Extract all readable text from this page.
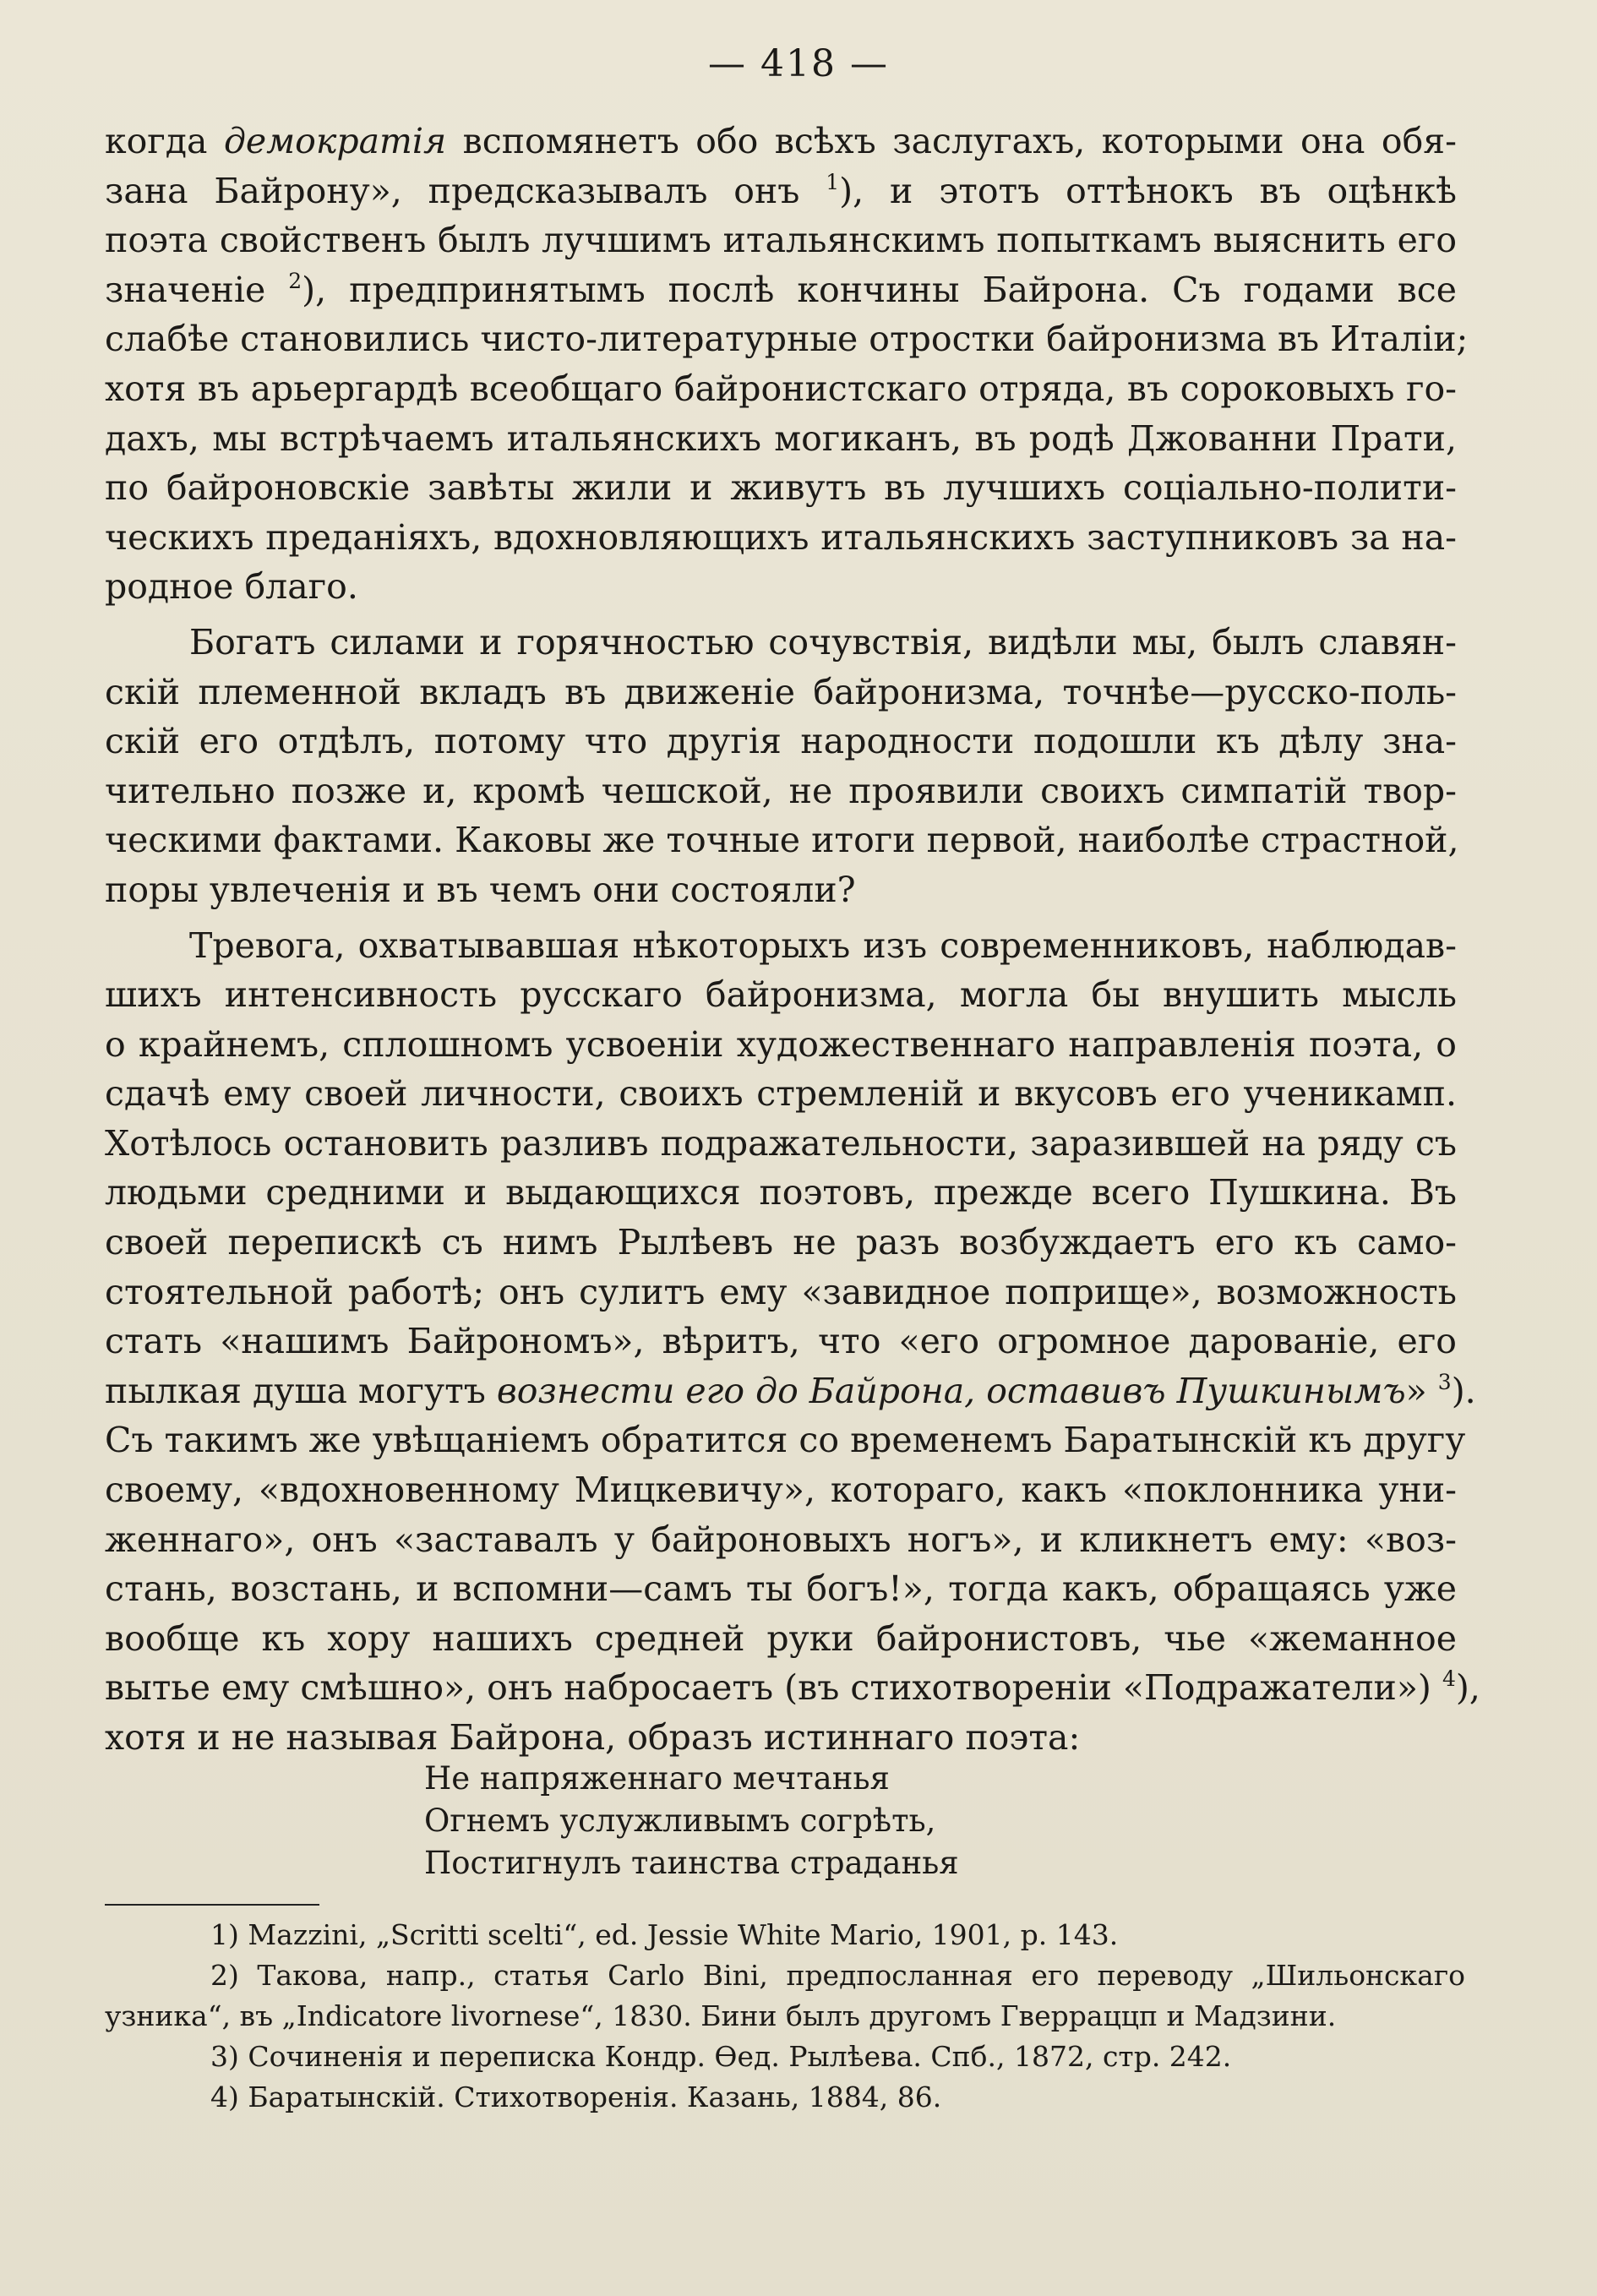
— 418 —
когда демократія вспомянетъ обо всѣхъ заслугахъ, которыми она обя-
зана Байрону», предсказывалъ онъ $^1$), и этотъ оттѣнокъ въ оцѣнкѣ
поэта свойственъ былъ лучшимъ итальянскимъ попыткамъ выяснить его
значеніе $^2$), предпринятымъ послѣ кончины Байрона. Съ годами все
слабѣе становились чисто-литературные отростки байронизма въ Италіи;
хотя въ арьергардѣ всеобщаго байронистскаго отряда, въ сороковыхъ го-
дахъ, мы встрѣчаемъ итальянскихъ могиканъ, въ родѣ Джованни Прати,
по байроновскіе завѣты жили и живутъ въ лучшихъ соціально-полити-
ческихъ преданіяхъ, вдохновляющихъ итальянскихъ заступниковъ за на-
родное благо.
Богатъ силами и горячностью сочувствія, видѣли мы, былъ славян-
скій племенной вкладъ въ движеніе байронизма, точнѣе—русско-поль-
скій его отдѣлъ, потому что другія народности подошли къ дѣлу зна-
чительно позже и, кромѣ чешской, не проявили своихъ симпатій твор-
ческими фактами. Каковы же точные итоги первой, наиболѣе страстной,
поры увлеченія и въ чемъ они состояли?
Тревога, охватывавшая нѣкоторыхъ изъ современниковъ, наблюдав-
шихъ интенсивность русскаго байронизма, могла бы внушить мысль
о крайнемъ, сплошномъ усвоеніи художественнаго направленія поэта, о
сдачѣ ему своей личности, своихъ стремленій и вкусовъ его ученикамп.
Хотѣлось остановить разливъ подражательности, заразившей на ряду съ
людьми средними и выдающихся поэтовъ, прежде всего Пушкина. Въ
своей перепискѣ съ нимъ Рылѣевъ не разъ возбуждаетъ его къ само-
стоятельной работѣ; онъ сулитъ ему «завидное поприще», возможность
стать «нашимъ Байрономъ», вѣритъ, что «его огромное дарованіе, его
пылкая душа могутъ вознести его до Байрона, оставивъ Пушкинымъ» $^3$).
Съ такимъ же увѣщаніемъ обратится со временемъ Баратынскій къ другу
своему, «вдохновенному Мицкевичу», котораго, какъ «поклонника уни-
женнаго», онъ «заставалъ у байроновыхъ ногъ», и кликнетъ ему: «воз-
стань, возстань, и вспомни—самъ ты богъ!», тогда какъ, обращаясь уже
вообще къ хору нашихъ средней руки байронистовъ, чье «жеманное
вытье ему смѣшно», онъ набросаетъ (въ стихотвореніи «Подражатели») $^4$),
хотя и не называя Байрона, образъ истиннаго поэта:
Не напряженнаго мечтанья
Огнемъ услужливымъ согрѣть,
Постигнулъ таинства страданья
1) Mazzini, „Scritti scelti“, ed. Jessie White Mario, 1901, p. 143.
2) Такова, напр., статья Carlo Bini, предпосланная его переводу „Шильонскаго
узника“, въ „Indicatore livornese“, 1830. Бини былъ другомъ Гверраццп и Мадзини.
3) Сочиненія и переписка Кондр. Ѳед. Рылѣева. Спб., 1872, стр. 242.
4) Баратынскій. Стихотворенія. Казань, 1884, 86.
